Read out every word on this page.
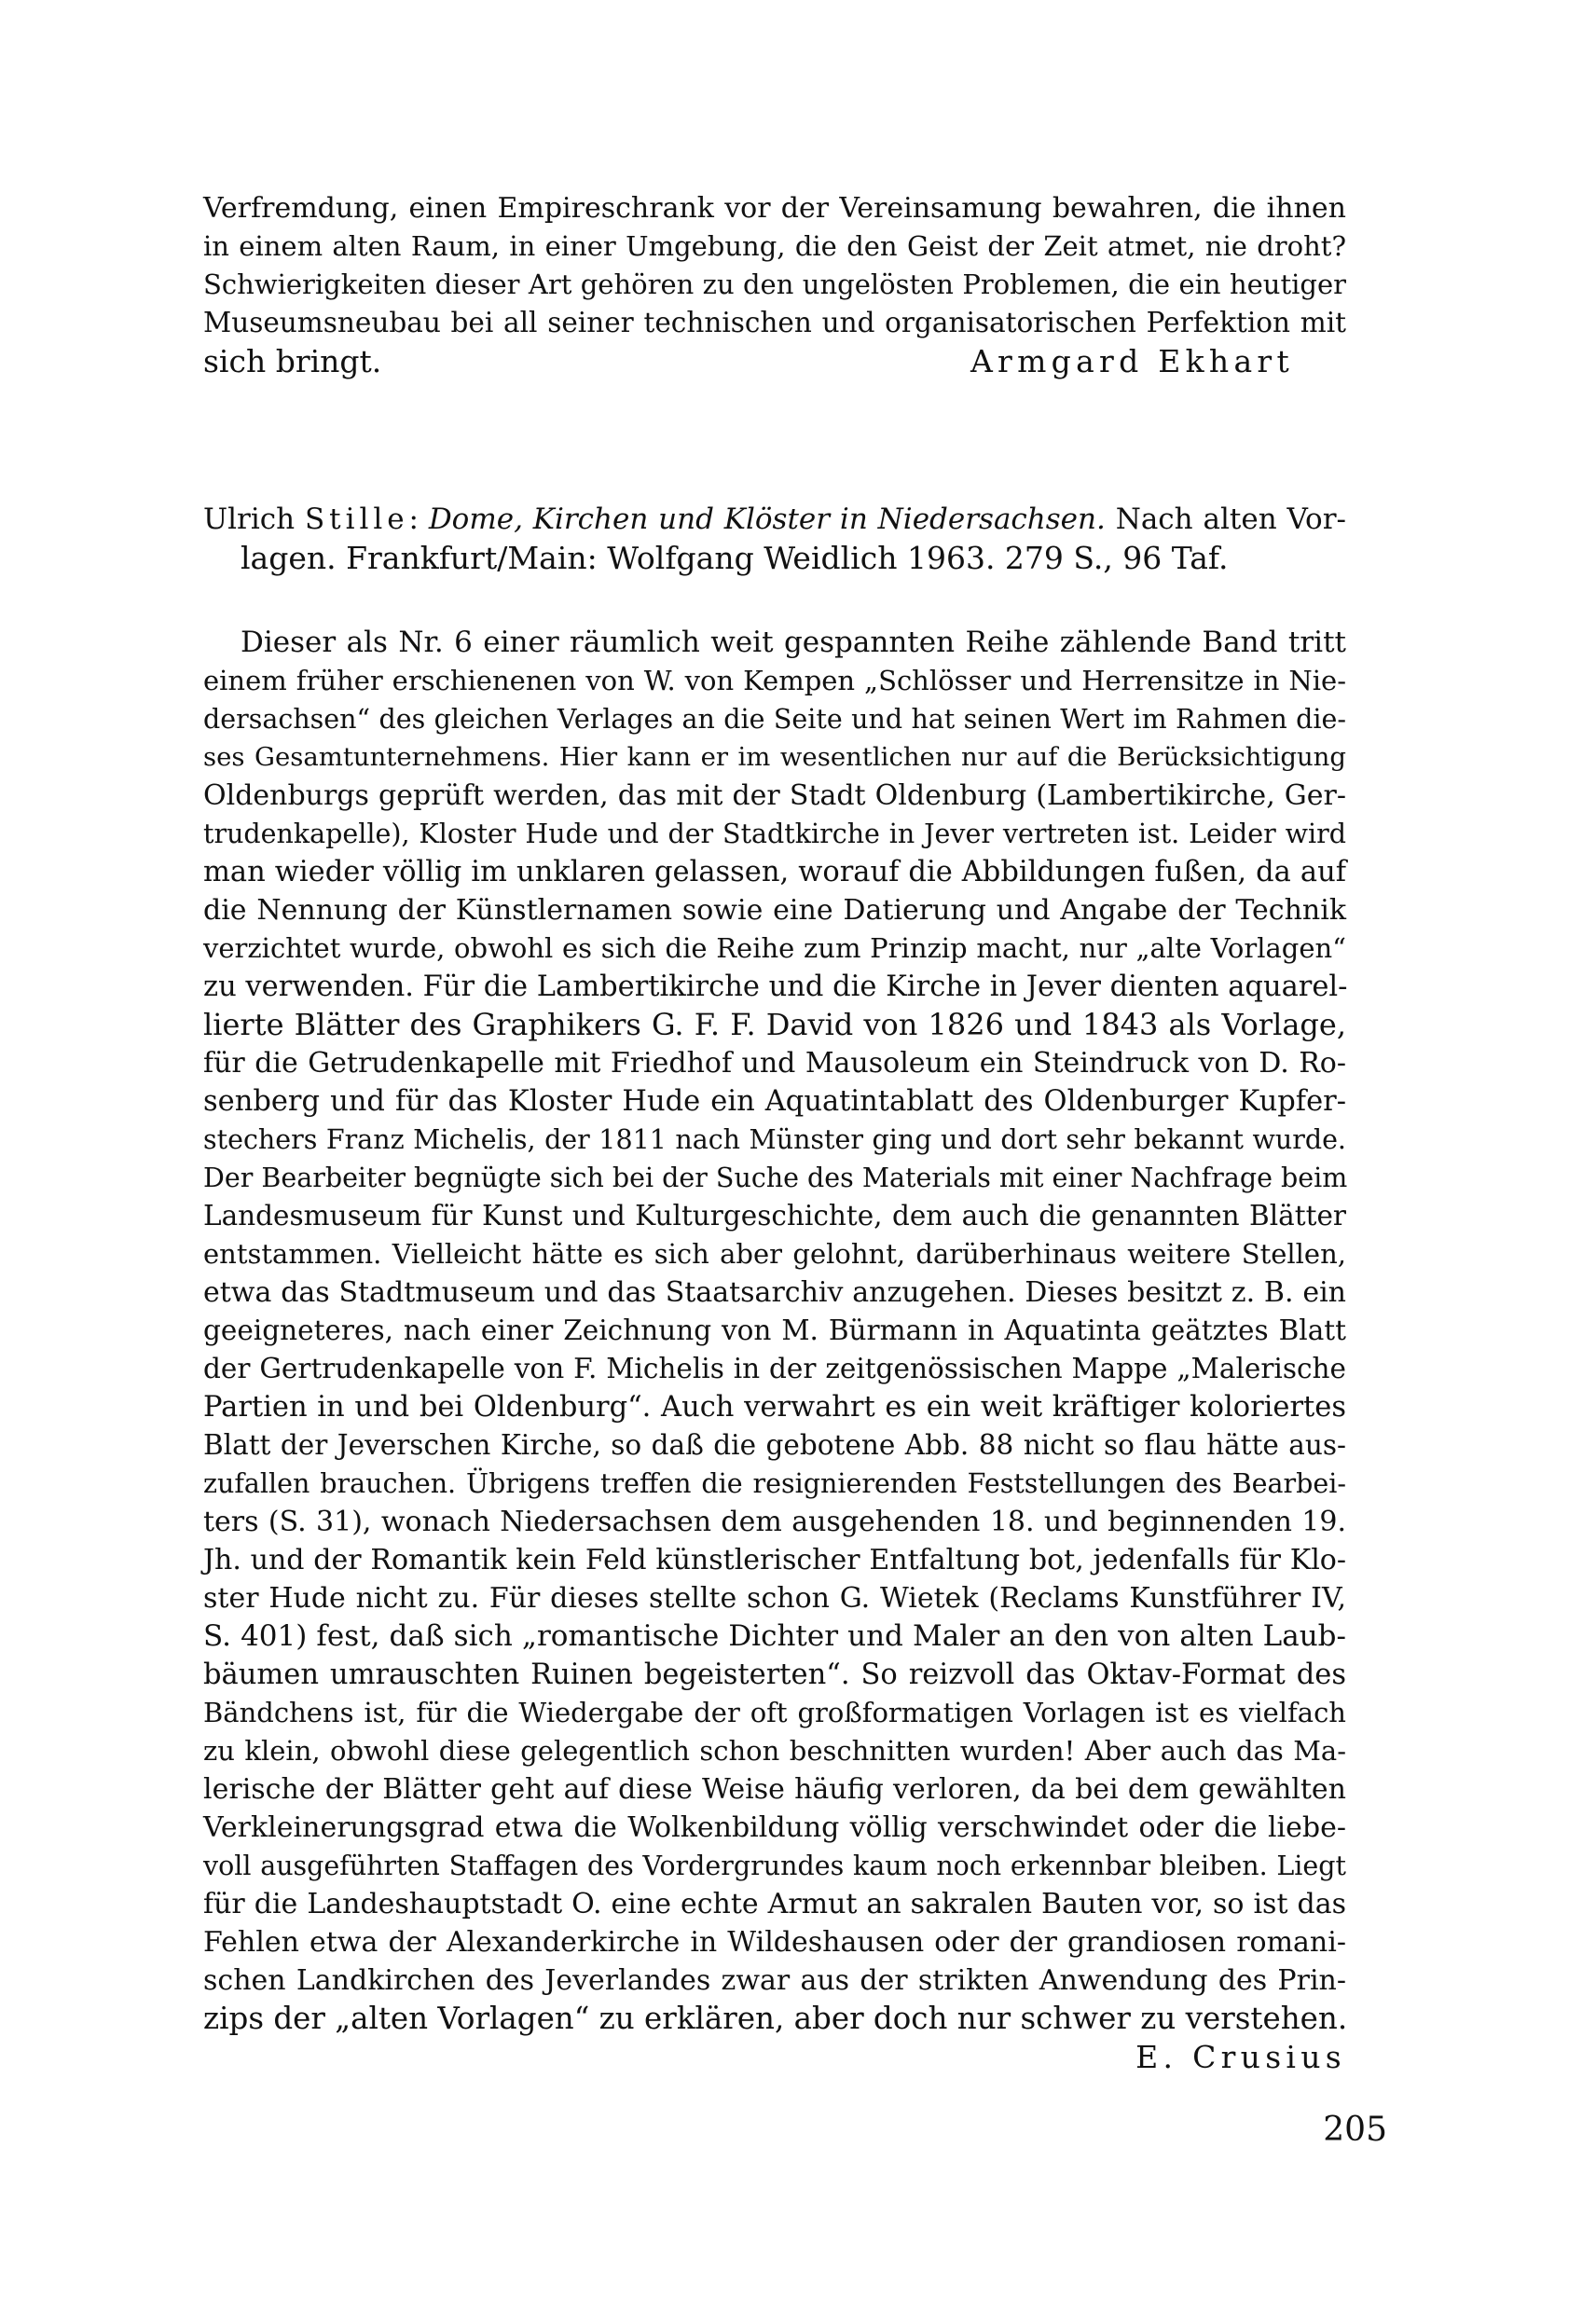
Verfremdung, einen Empireschrank vor der Vereinsamung bewahren, die ihnen
in einem alten Raum, in einer Umgebung, die den Geist der Zeit atmet, nie droht?
Schwierigkeiten dieser Art gehören zu den ungelösten Problemen, die ein heutiger
Museumsneubau bei all seiner technischen und organisatorischen Perfektion mit
sich bringt.	Armgard Ekhart
Ulrich Stille: Dome, Kirchen und Klöster in Niedersachsen. Nach alten Vor-
lagen. Frankfurt/Main: Wolfgang Weidlich 1963. 279 S., 96 Taf.
Dieser als Nr. 6 einer räumlich weit gespannten Reihe zählende Band tritt
einem früher erschienenen von W. von Kempen „Schlösser und Herrensitze in Nie-
dersachsen“ des gleichen Verlages an die Seite und hat seinen Wert im Rahmen die-
ses Gesamtunternehmens. Hier kann er im wesentlichen nur auf die Berücksichtigung
Oldenburgs geprüft werden, das mit der Stadt Oldenburg (Lambertikirche, Ger-
trudenkapelle), Kloster Hude und der Stadtkirche in Jever vertreten ist. Leider wird
man wieder völlig im unklaren gelassen, worauf die Abbildungen fußen, da auf
die Nennung der Künstlernamen sowie eine Datierung und Angabe der Technik
verzichtet wurde, obwohl es sich die Reihe zum Prinzip macht, nur „alte Vorlagen“
zu verwenden. Für die Lambertikirche und die Kirche in Jever dienten aquarel-
lierte Blätter des Graphikers G. F. F. David von 1826 und 1843 als Vorlage,
für die Getrudenkapelle mit Friedhof und Mausoleum ein Steindruck von D. Ro-
senberg und für das Kloster Hude ein Aquatintablatt des Oldenburger Kupfer-
stechers Franz Michelis, der 1811 nach Münster ging und dort sehr bekannt wurde.
Der Bearbeiter begnügte sich bei der Suche des Materials mit einer Nachfrage beim
Landesmuseum für Kunst und Kulturgeschichte, dem auch die genannten Blätter
entstammen. Vielleicht hätte es sich aber gelohnt, darüberhinaus weitere Stellen,
etwa das Stadtmuseum und das Staatsarchiv anzugehen. Dieses besitzt z. B. ein
geeigneteres, nach einer Zeichnung von M. Bürmann in Aquatinta geätztes Blatt
der Gertrudenkapelle von F. Michelis in der zeitgenössischen Mappe „Malerische
Partien in und bei Oldenburg“. Auch verwahrt es ein weit kräftiger koloriertes
Blatt der Jeverschen Kirche, so daß die gebotene Abb. 88 nicht so flau hätte aus-
zufallen brauchen. Übrigens treffen die resignierenden Feststellungen des Bearbei-
ters (S. 31), wonach Niedersachsen dem ausgehenden 18. und beginnenden 19.
Jh. und der Romantik kein Feld künstlerischer Entfaltung bot, jedenfalls für Klo-
ster Hude nicht zu. Für dieses stellte schon G. Wietek (Reclams Kunstführer IV,
S. 401) fest, daß sich „romantische Dichter und Maler an den von alten Laub-
bäumen umrauschten Ruinen begeisterten“. So reizvoll das Oktav-Format des
Bändchens ist, für die Wiedergabe der oft großformatigen Vorlagen ist es vielfach
zu klein, obwohl diese gelegentlich schon beschnitten wurden! Aber auch das Ma-
lerische der Blätter geht auf diese Weise häufig verloren, da bei dem gewählten
Verkleinerungsgrad etwa die Wolkenbildung völlig verschwindet oder die liebe-
voll ausgeführten Staffagen des Vordergrundes kaum noch erkennbar bleiben. Liegt
für die Landeshauptstadt O. eine echte Armut an sakralen Bauten vor, so ist das
Fehlen etwa der Alexanderkirche in Wildeshausen oder der grandiosen romani-
schen Landkirchen des Jeverlandes zwar aus der strikten Anwendung des Prin-
zips der „alten Vorlagen“ zu erklären, aber doch nur schwer zu verstehen.
E. Crusius
205
